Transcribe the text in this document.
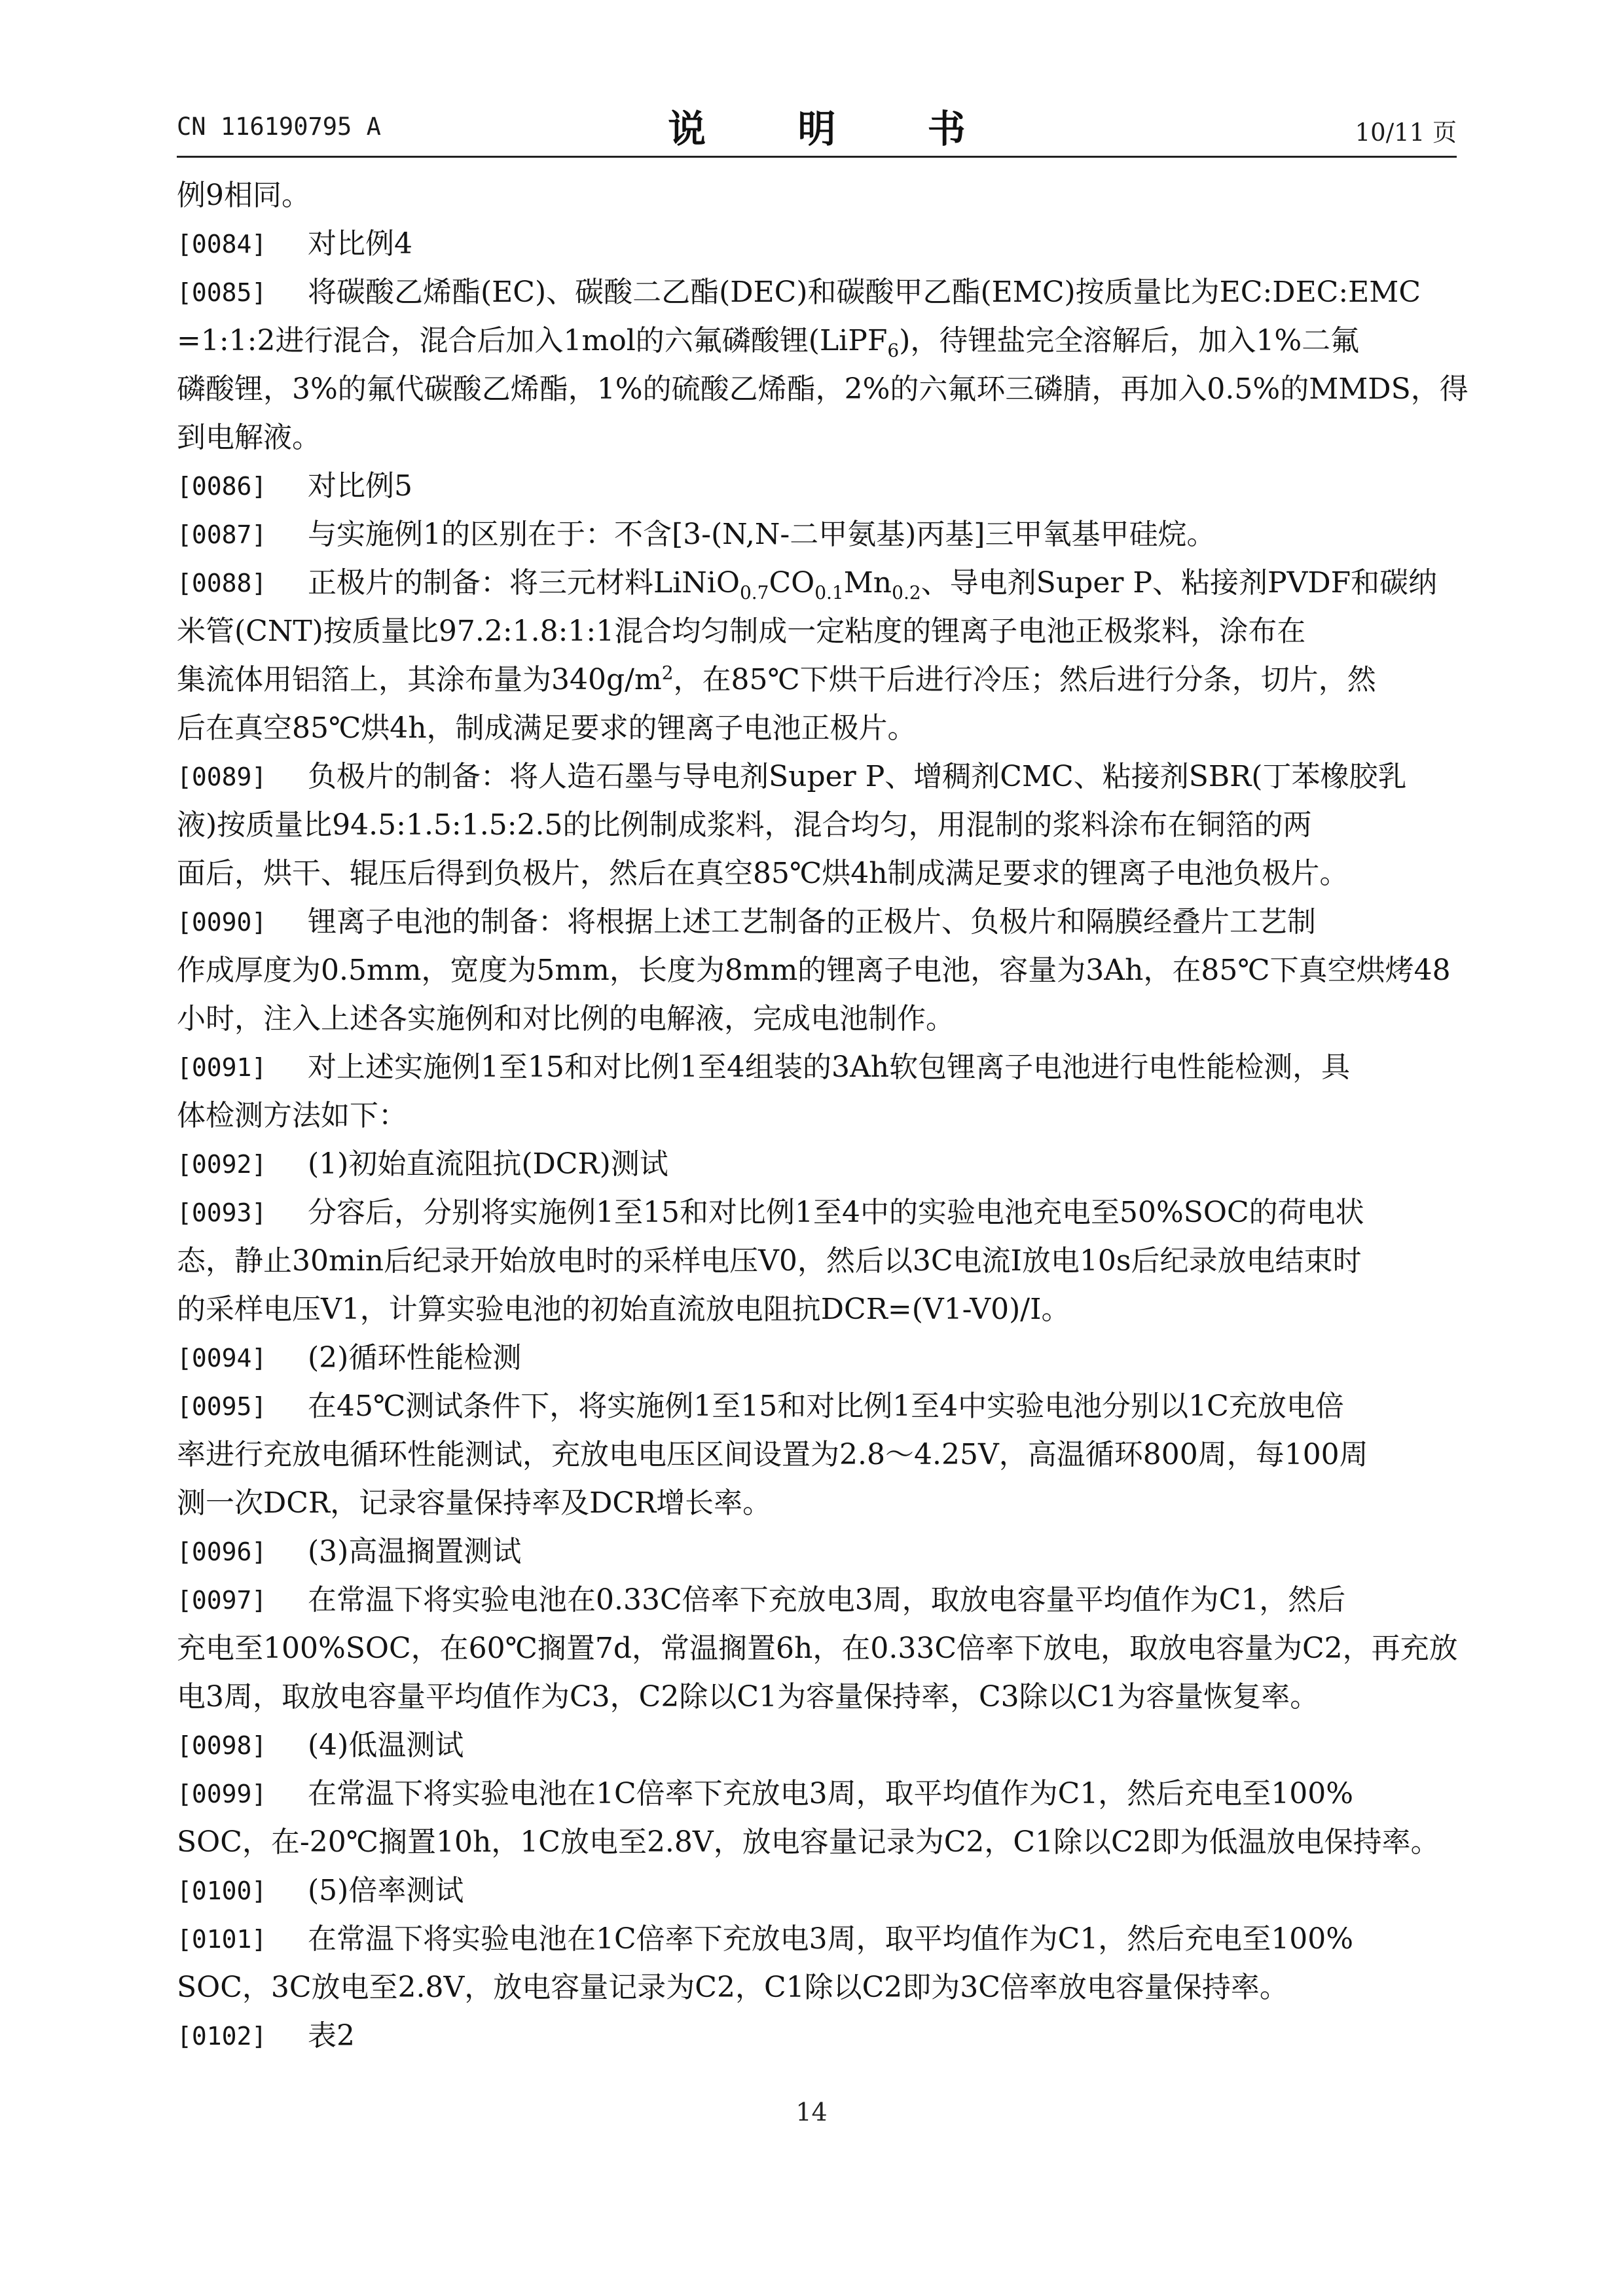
CN 116190795 A	说 明 书	10/11 页
例9相同。
[0084] 对比例4
[0085] 将碳酸乙烯酯(EC)、碳酸二乙酯(DEC)和碳酸甲乙酯(EMC)按质量比为EC:DEC:EMC
=1:1:2进行混合，混合后加入1mol的六氟磷酸锂(LiPF$_6$)，待锂盐完全溶解后，加入1%二氟
磷酸锂，3%的氟代碳酸乙烯酯，1%的硫酸乙烯酯，2%的六氟环三磷腈，再加入0.5%的MMDS，得
到电解液。
[0086] 对比例5
[0087] 与实施例1的区别在于：不含[3-(N,N-二甲氨基)丙基]三甲氧基甲硅烷。
[0088] 正极片的制备：将三元材料$LiNiO_{0.7}CO_{0.1}Mn_{0.2}$、导电剂Super P、粘接剂PVDF和碳纳
米管(CNT)按质量比97.2:1.8:1:1混合均匀制成一定粘度的锂离子电池正极浆料，涂布在
集流体用铝箔上，其涂布量为$340g/m^2$，在85℃下烘干后进行冷压；然后进行分条，切片，然
后在真空85℃烘4h，制成满足要求的锂离子电池正极片。
[0089] 负极片的制备：将人造石墨与导电剂Super P、增稠剂CMC、粘接剂SBR(丁苯橡胶乳
液)按质量比94.5:1.5:1.5:2.5的比例制成浆料，混合均匀，用混制的浆料涂布在铜箔的两
面后，烘干、辊压后得到负极片，然后在真空85℃烘4h制成满足要求的锂离子电池负极片。
[0090] 锂离子电池的制备：将根据上述工艺制备的正极片、负极片和隔膜经叠片工艺制
作成厚度为0.5mm，宽度为5mm，长度为8mm的锂离子电池，容量为3Ah，在85℃下真空烘烤48
小时，注入上述各实施例和对比例的电解液，完成电池制作。
[0091] 对上述实施例1至15和对比例1至4组装的3Ah软包锂离子电池进行电性能检测，具
体检测方法如下：
[0092] (1)初始直流阻抗(DCR)测试
[0093] 分容后，分别将实施例1至15和对比例1至4中的实验电池充电至50%SOC的荷电状
态，静止30min后纪录开始放电时的采样电压V0，然后以3C电流I放电10s后纪录放电结束时
的采样电压V1，计算实验电池的初始直流放电阻抗DCR=(V1-V0)/I。
[0094] (2)循环性能检测
[0095] 在45℃测试条件下，将实施例1至15和对比例1至4中实验电池分别以1C充放电倍
率进行充放电循环性能测试，充放电电压区间设置为2.8～4.25V，高温循环800周，每100周
测一次DCR，记录容量保持率及DCR增长率。
[0096] (3)高温搁置测试
[0097] 在常温下将实验电池在0.33C倍率下充放电3周，取放电容量平均值作为C1，然后
充电至100%SOC，在60℃搁置7d，常温搁置6h，在0.33C倍率下放电，取放电容量为C2，再充放
电3周，取放电容量平均值作为C3，C2除以C1为容量保持率，C3除以C1为容量恢复率。
[0098] (4)低温测试
[0099] 在常温下将实验电池在1C倍率下充放电3周，取平均值作为C1，然后充电至100%
SOC，在-20℃搁置10h，1C放电至2.8V，放电容量记录为C2，C1除以C2即为低温放电保持率。
[0100] (5)倍率测试
[0101] 在常温下将实验电池在1C倍率下充放电3周，取平均值作为C1，然后充电至100%
SOC，3C放电至2.8V，放电容量记录为C2，C1除以C2即为3C倍率放电容量保持率。
[0102] 表2
14
